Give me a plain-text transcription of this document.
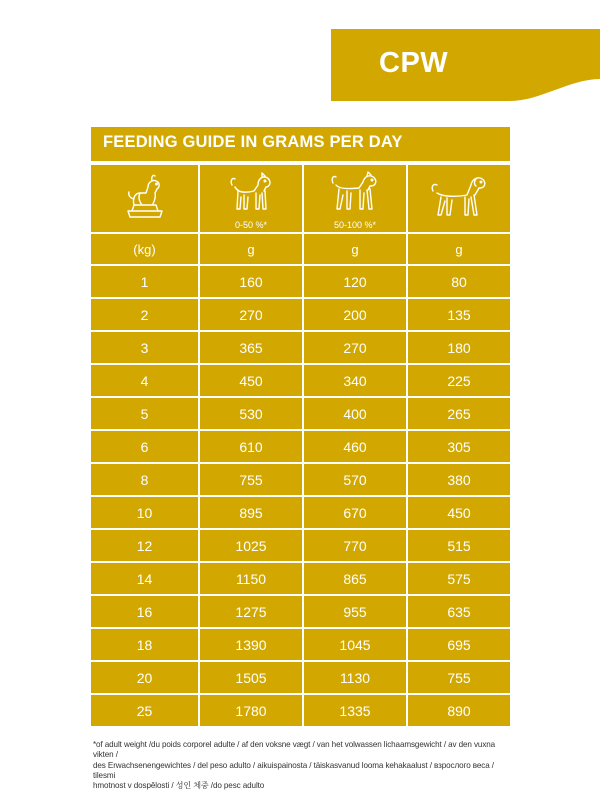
CPW
FEEDING GUIDE IN GRAMS PER DAY

0-50 %*	50-100 %*

(kg)	g	g	g
1	160	120	80
2	270	200	135
3	365	270	180
4	450	340	225
5	530	400	265
6	610	460	305
8	755	570	380
10	895	670	450
12	1025	770	515
14	1150	865	575
16	1275	955	635
18	1390	1045	695
20	1505	1130	755
25	1780	1335	890
*of adult weight /du poids corporel adulte / af den voksne vægt / van het volwassen lichaamsgewicht / av den vuxna vikten /
des Erwachsenengewichtes / del peso adulto / aikuispainosta / täiskasvanud looma kehakaalust / взрослого веса / tilesmi
hmotnost v dospělosti / 성인 체중 /do pesc adulto
